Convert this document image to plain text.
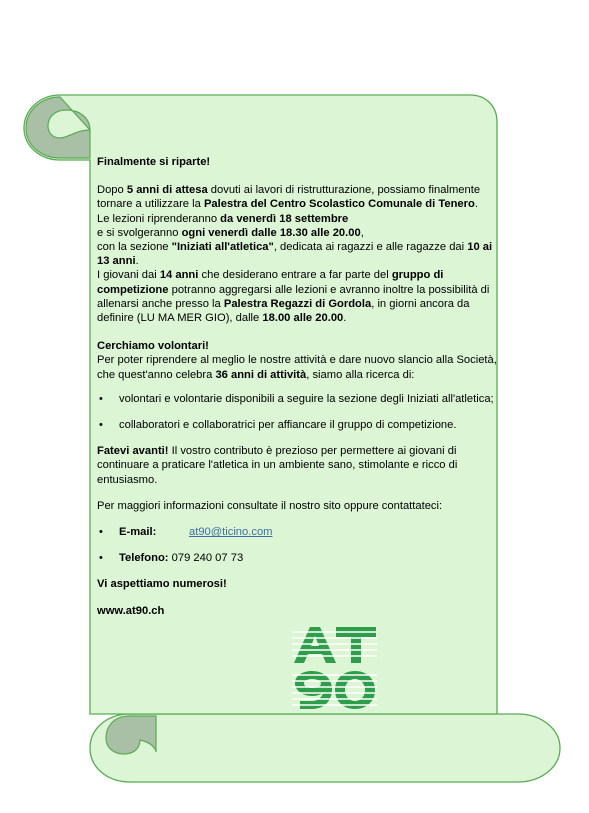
Finalmente si riparte!

Dopo 5 anni di attesa dovuti ai lavori di ristrutturazione, possiamo finalmente tornare a utilizzare la Palestra del Centro Scolastico Comunale di Tenero.

Le lezioni riprenderanno da venerdì 18 settembre
e si svolgeranno ogni venerdì dalle 18.30 alle 20.00,
con la sezione "Iniziati all'atletica", dedicata ai ragazzi e alle ragazze dai 10 ai 13 anni.

I giovani dai 14 anni che desiderano entrare a far parte del gruppo di competizione potranno aggregarsi alle lezioni e avranno inoltre la possibilità di allenarsi anche presso la Palestra Regazzi di Gordola, in giorni ancora da definire (LU MA MER GIO), dalle 18.00 alle 20.00.

Cerchiamo volontari!

Per poter riprendere al meglio le nostre attività e dare nuovo slancio alla Società, che quest'anno celebra 36 anni di attività, siamo alla ricerca di:

• volontari e volontarie disponibili a seguire la sezione degli Iniziati all'atletica;
• collaboratori e collaboratrici per affiancare il gruppo di competizione.

Fatevi avanti! Il vostro contributo è prezioso per permettere ai giovani di continuare a praticare l'atletica in un ambiente sano, stimolante e ricco di entusiasmo.

Per maggiori informazioni consultate il nostro sito oppure contattateci:

• E-mail:	at90@ticino.com
• Telefono: 079 240 07 73

Vi aspettiamo numerosi!

www.at90.ch
